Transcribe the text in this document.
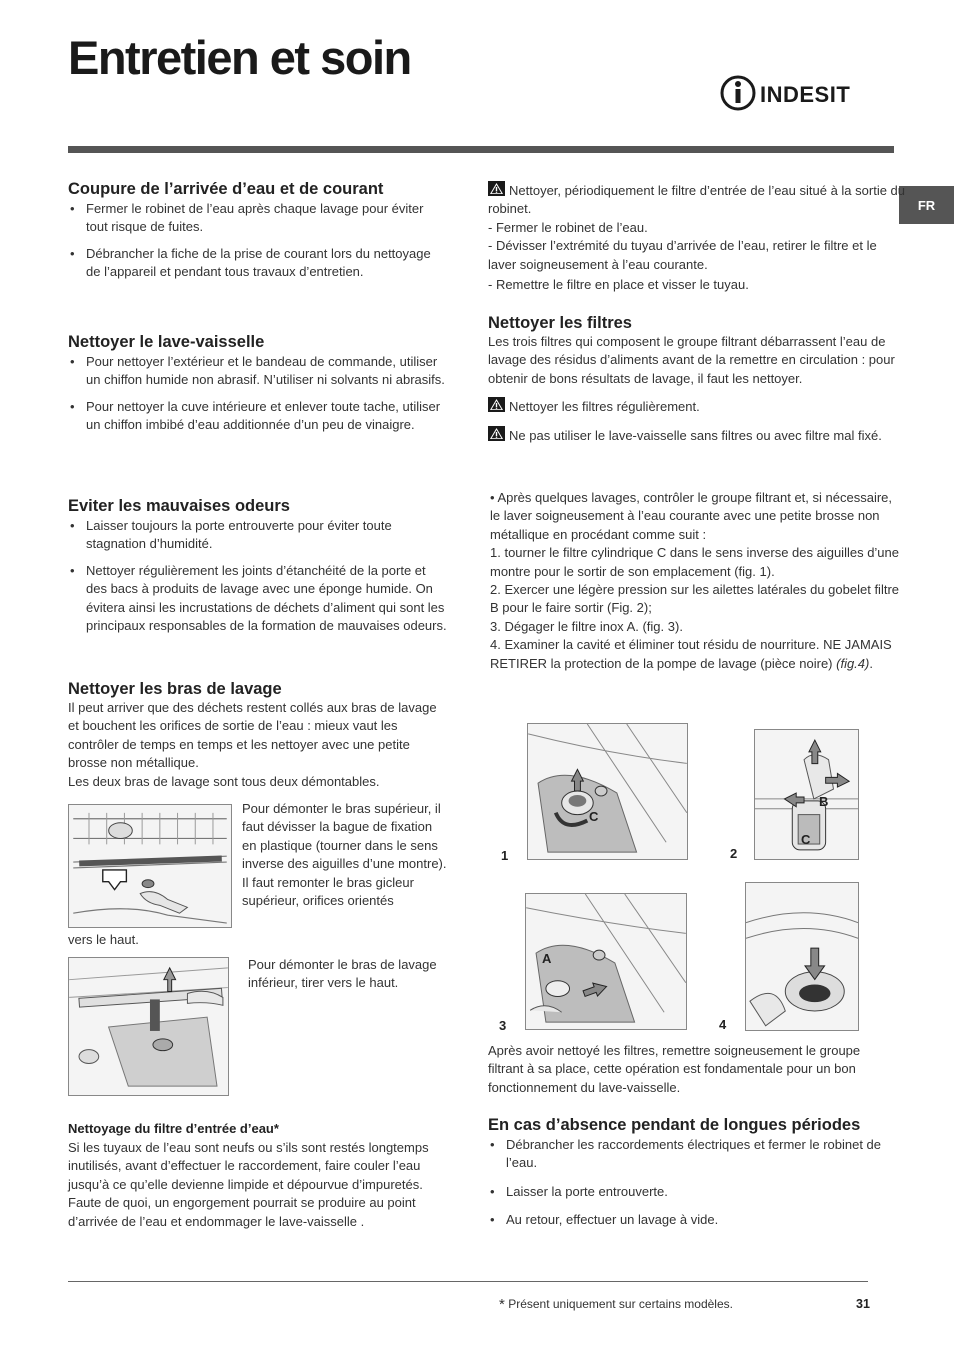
Entretien et soin
INDESIT
FR
Coupure de l’arrivée d’eau et de courant
• Fermer le robinet de l’eau après chaque lavage pour éviter tout risque de fuites.
• Débrancher la fiche de la prise de courant lors du nettoyage de l’appareil et pendant tous travaux d’entretien.
Nettoyer le lave-vaisselle
• Pour nettoyer l’extérieur et le bandeau de commande, utiliser un chiffon humide non abrasif. N’utiliser ni solvants ni abrasifs.
• Pour nettoyer la cuve intérieure et enlever toute tache, utiliser un chiffon imbibé d’eau additionnée d’un peu de vinaigre.
Eviter les mauvaises odeurs
• Laisser toujours la porte entrouverte pour éviter toute stagnation d’humidité.
• Nettoyer régulièrement les joints d’étanchéité de la porte et des bacs à produits de lavage avec une éponge humide. On évitera ainsi les incrustations de déchets d’aliment qui sont les principaux responsables de la formation de mauvaises odeurs.
Nettoyer les bras de lavage

Il peut arriver que des déchets restent collés aux bras de lavage et bouchent les orifices de sortie de l’eau : mieux vaut les contrôler de temps en temps et les nettoyer avec une petite brosse non métallique.

Les deux bras de lavage sont tous deux démontables.

Pour démonter le bras supérieur, il faut dévisser la bague de fixation en plastique (tourner dans le sens inverse des aiguilles d’une montre). Il faut remonter le bras gicleur supérieur, orifices orientés
vers le haut.
Pour démonter le bras de lavage inférieur, tirer vers le haut.
Nettoyage du filtre d’entrée d’eau*

Si les tuyaux de l’eau sont neufs ou s’ils sont restés longtemps inutilisés, avant d’effectuer le raccordement, faire couler l’eau jusqu’à ce qu’elle devienne limpide et dépourvue d’impuretés. Faute de quoi, un engorgement pourrait se produire au point d’arrivée de l’eau et endommager le lave-vaisselle .

Nettoyer, périodiquement le filtre d’entrée de l’eau situé à la sortie du robinet.

- Fermer le robinet de l’eau.

- Dévisser l’extrémité du tuyau d’arrivée de l’eau, retirer le filtre et le laver soigneusement à l’eau courante.

- Remettre le filtre en place et visser le tuyau.

Nettoyer les filtres

Les trois filtres qui composent le groupe filtrant débarrassent l’eau de lavage des résidus d’aliments avant de la remettre en circulation : pour obtenir de bons résultats de lavage, il faut les nettoyer.

Nettoyer les filtres régulièrement.

Ne pas utiliser le lave-vaisselle sans filtres ou avec filtre mal fixé.

• Après quelques lavages, contrôler le groupe filtrant et, si nécessaire, le laver soigneusement à l’eau courante avec une petite brosse non métallique en procédant comme suit :

1. tourner le filtre cylindrique C dans le sens inverse des aiguilles d’une montre pour le sortir de son emplacement (fig. 1).

2. Exercer une légère pression sur les ailettes latérales du gobelet filtre B pour le faire sortir (Fig. 2);

3. Dégager le filtre inox A. (fig. 3).

4. Examiner la cavité et éliminer tout résidu de nourriture. NE JAMAIS RETIRER la protection de la pompe de lavage (pièce noire) (fig.4).

C
1
B
C
2
A
3	4

Après avoir nettoyé les filtres, remettre soigneusement le groupe filtrant à sa place, cette opération est fondamentale pour un bon fonctionnement du lave-vaisselle.

En cas d’absence pendant de longues périodes
• Débrancher les raccordements électriques et fermer le robinet de l’eau.
• Laisser la porte entrouverte.
• Au retour, effectuer un lavage à vide.
* Présent uniquement sur certains modèles.	31
